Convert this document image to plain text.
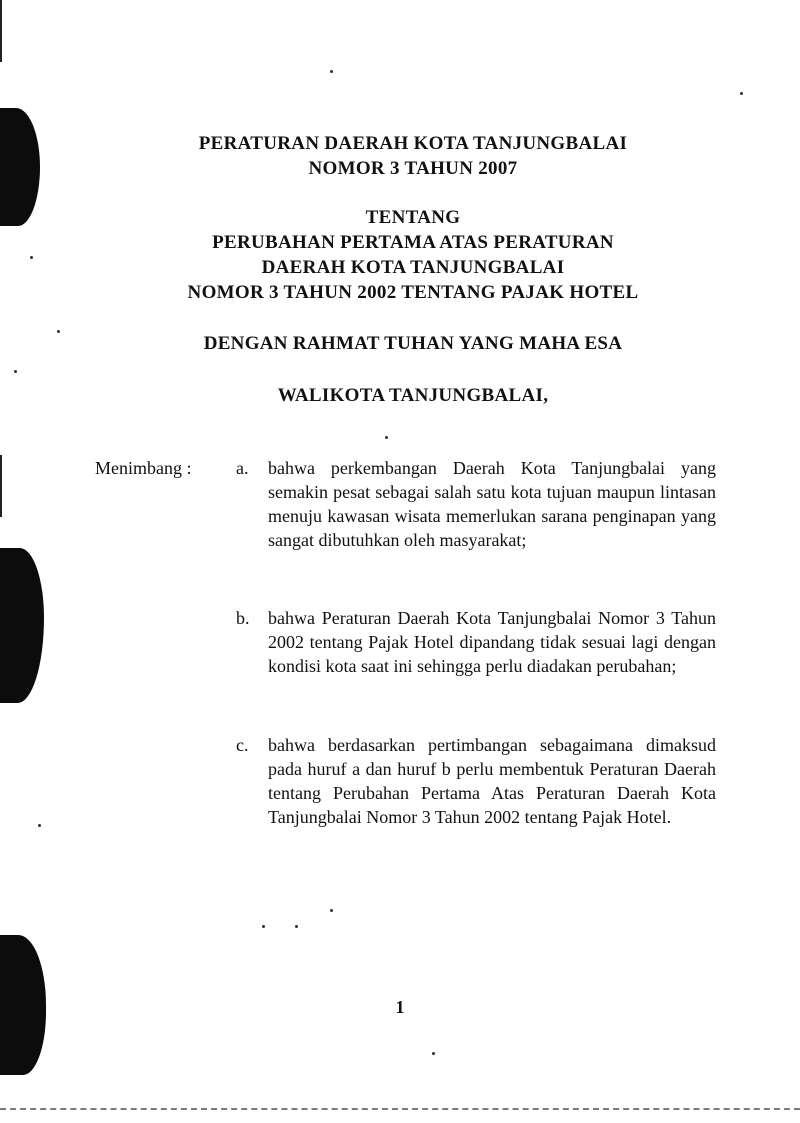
PERATURAN DAERAH KOTA TANJUNGBALAI
NOMOR 3 TAHUN 2007
TENTANG
PERUBAHAN PERTAMA ATAS PERATURAN
DAERAH KOTA TANJUNGBALAI
NOMOR 3 TAHUN 2002 TENTANG PAJAK HOTEL
DENGAN RAHMAT TUHAN YANG MAHA ESA
WALIKOTA TANJUNGBALAI,
Menimbang : a. bahwa perkembangan Daerah Kota Tanjungbalai yang semakin pesat sebagai salah satu kota tujuan maupun lintasan menuju kawasan wisata memerlukan sarana penginapan yang sangat dibutuhkan oleh masyarakat;
b. bahwa Peraturan Daerah Kota Tanjungbalai Nomor 3 Tahun 2002 tentang Pajak Hotel dipandang tidak sesuai lagi dengan kondisi kota saat ini sehingga perlu diadakan perubahan;
c. bahwa berdasarkan pertimbangan sebagaimana dimaksud pada huruf a dan huruf b perlu membentuk Peraturan Daerah tentang Perubahan Pertama Atas Peraturan Daerah Kota Tanjungbalai Nomor 3 Tahun 2002 tentang Pajak Hotel.
1
